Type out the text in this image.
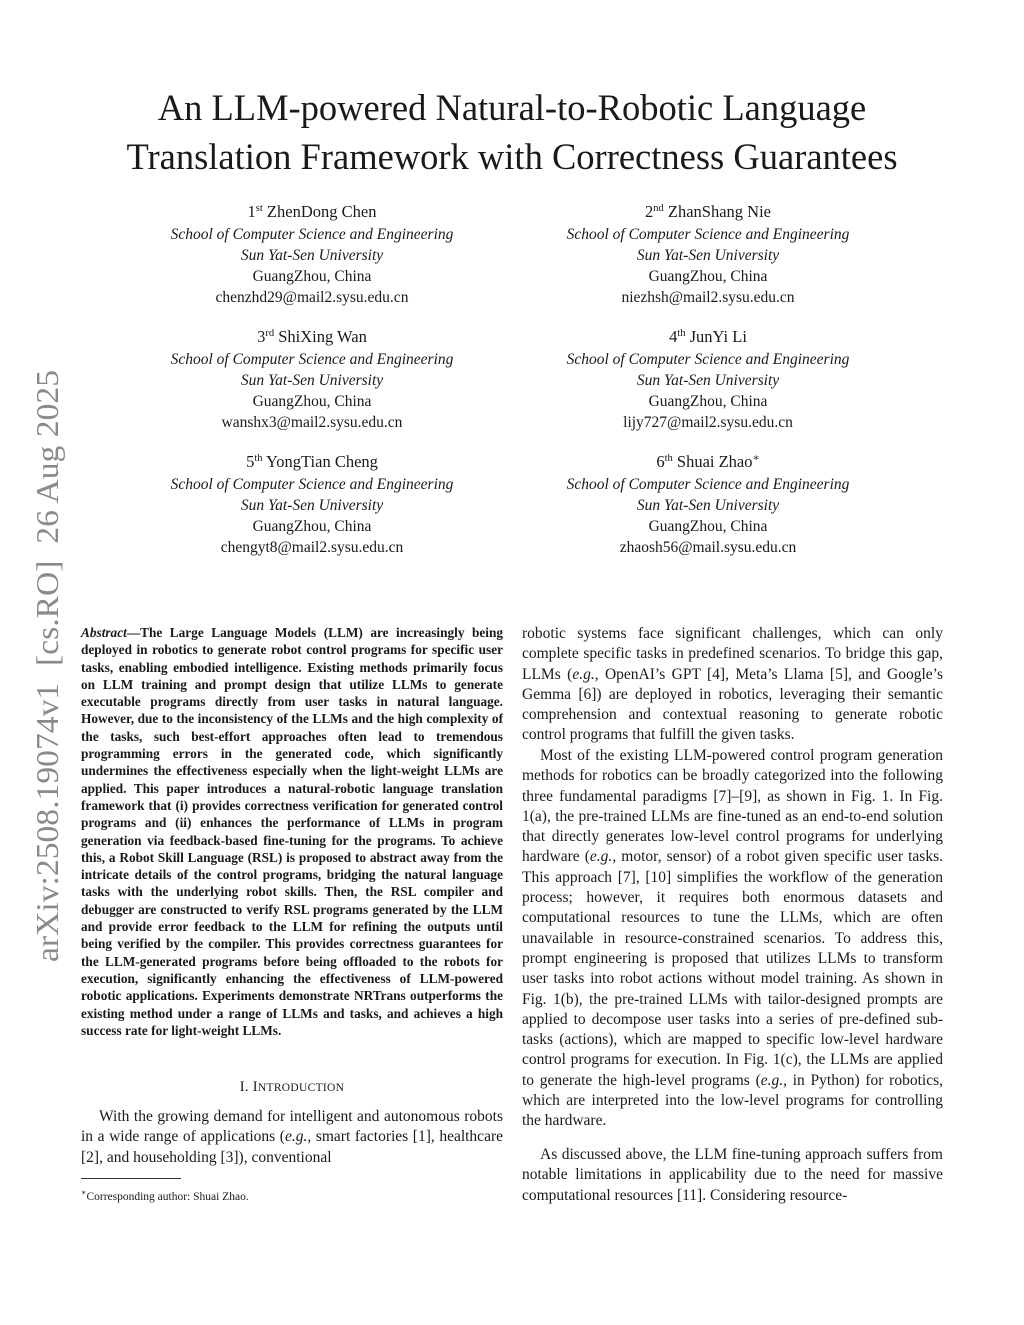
arXiv:2508.19074v1  [cs.RO]  26 Aug 2025
An LLM-powered Natural-to-Robotic Language
Translation Framework with Correctness Guarantees
1st ZhenDong Chen
School of Computer Science and Engineering
Sun Yat-Sen University
GuangZhou, China
chenzhd29@mail2.sysu.edu.cn
2nd ZhanShang Nie
School of Computer Science and Engineering
Sun Yat-Sen University
GuangZhou, China
niezhsh@mail2.sysu.edu.cn
3rd ShiXing Wan
School of Computer Science and Engineering
Sun Yat-Sen University
GuangZhou, China
wanshx3@mail2.sysu.edu.cn
4th JunYi Li
School of Computer Science and Engineering
Sun Yat-Sen University
GuangZhou, China
lijy727@mail2.sysu.edu.cn
5th YongTian Cheng
School of Computer Science and Engineering
Sun Yat-Sen University
GuangZhou, China
chengyt8@mail2.sysu.edu.cn
6th Shuai Zhao∗
School of Computer Science and Engineering
Sun Yat-Sen University
GuangZhou, China
zhaosh56@mail.sysu.edu.cn

Abstract—The Large Language Models (LLM) are increasingly being deployed in robotics to generate robot control programs for specific user tasks, enabling embodied intelligence. Existing methods primarily focus on LLM training and prompt design that utilize LLMs to generate executable programs directly from user tasks in natural language. However, due to the inconsistency of the LLMs and the high complexity of the tasks, such best-effort approaches often lead to tremendous programming errors in the generated code, which significantly undermines the effectiveness especially when the light-weight LLMs are applied. This paper introduces a natural-robotic language translation framework that (i) provides correctness verification for generated control programs and (ii) enhances the performance of LLMs in program generation via feedback-based fine-tuning for the programs. To achieve this, a Robot Skill Language (RSL) is proposed to abstract away from the intricate details of the control programs, bridging the natural language tasks with the underlying robot skills. Then, the RSL compiler and debugger are constructed to verify RSL programs generated by the LLM and provide error feedback to the LLM for refining the outputs until being verified by the compiler. This provides correctness guarantees for the LLM-generated programs before being offloaded to the robots for execution, significantly enhancing the effectiveness of LLM-powered robotic applications. Experiments demonstrate NRTrans outperforms the existing method under a range of LLMs and tasks, and achieves a high success rate for light-weight LLMs.

I. INTRODUCTION

With the growing demand for intelligent and autonomous robots in a wide range of applications (e.g., smart factories [1], healthcare [2], and householding [3]), conventional

∗Corresponding author: Shuai Zhao.

robotic systems face significant challenges, which can only complete specific tasks in predefined scenarios. To bridge this gap, LLMs (e.g., OpenAI’s GPT [4], Meta’s Llama [5], and Google’s Gemma [6]) are deployed in robotics, leveraging their semantic comprehension and contextual reasoning to generate robotic control programs that fulfill the given tasks.

Most of the existing LLM-powered control program generation methods for robotics can be broadly categorized into the following three fundamental paradigms [7]–[9], as shown in Fig. 1. In Fig. 1(a), the pre-trained LLMs are fine-tuned as an end-to-end solution that directly generates low-level control programs for underlying hardware (e.g., motor, sensor) of a robot given specific user tasks. This approach [7], [10] simplifies the workflow of the generation process; however, it requires both enormous datasets and computational resources to tune the LLMs, which are often unavailable in resource-constrained scenarios. To address this, prompt engineering is proposed that utilizes LLMs to transform user tasks into robot actions without model training. As shown in Fig. 1(b), the pre-trained LLMs with tailor-designed prompts are applied to decompose user tasks into a series of pre-defined sub-tasks (actions), which are mapped to specific low-level hardware control programs for execution. In Fig. 1(c), the LLMs are applied to generate the high-level programs (e.g., in Python) for robotics, which are interpreted into the low-level programs for controlling the hardware.

As discussed above, the LLM fine-tuning approach suffers from notable limitations in applicability due to the need for massive computational resources [11]. Considering resource-
